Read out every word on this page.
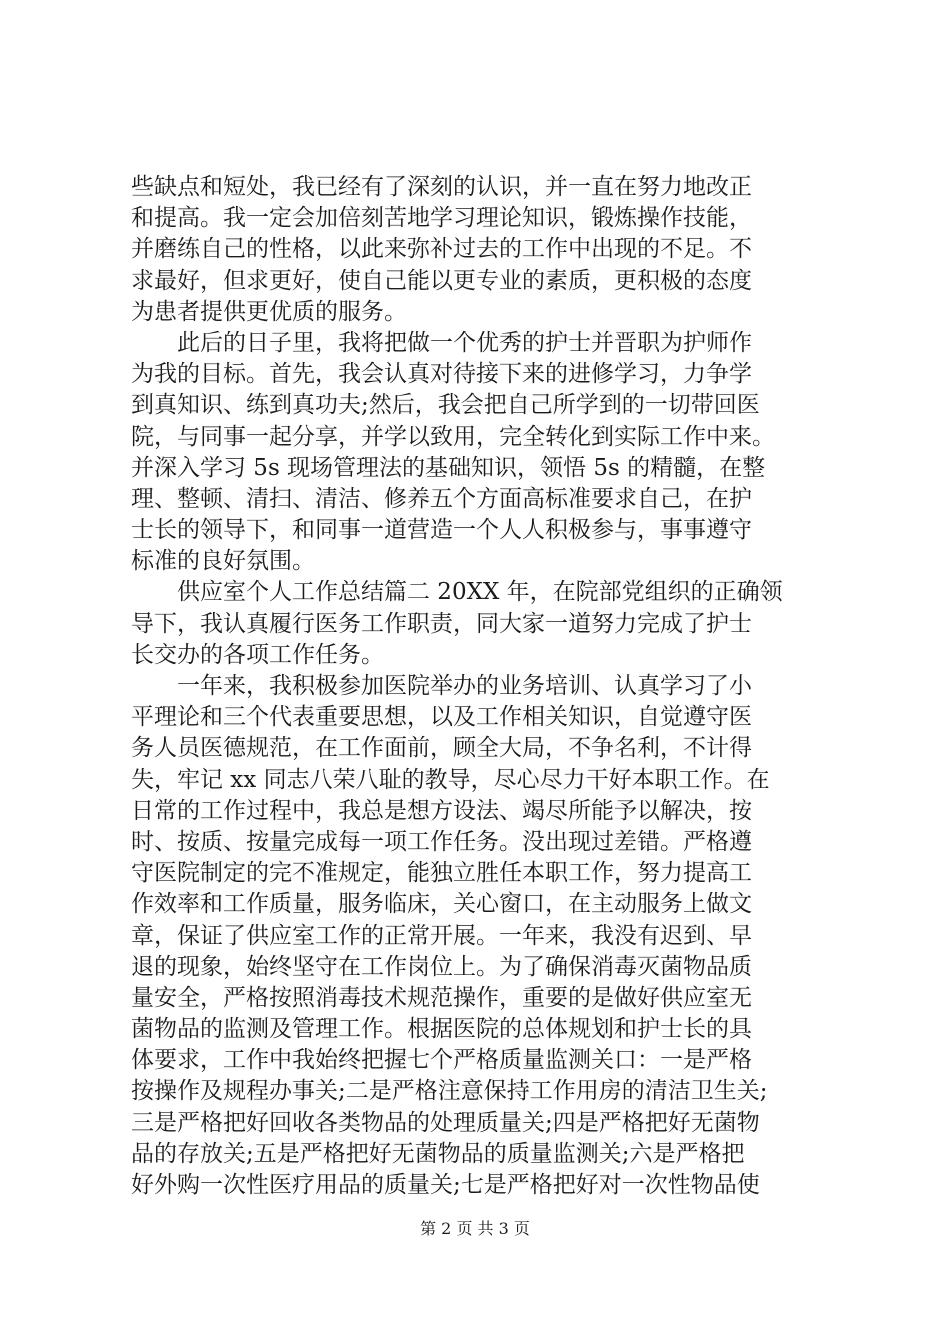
些缺点和短处，我已经有了深刻的认识，并一直在努力地改正
和提高。我一定会加倍刻苦地学习理论知识，锻炼操作技能，
并磨练自己的性格，以此来弥补过去的工作中出现的不足。不
求最好，但求更好，使自己能以更专业的素质，更积极的态度
为患者提供更优质的服务。
此后的日子里，我将把做一个优秀的护士并晋职为护师作
为我的目标。首先，我会认真对待接下来的进修学习，力争学
到真知识、练到真功夫;然后，我会把自己所学到的一切带回医
院，与同事一起分享，并学以致用，完全转化到实际工作中来。
并深入学习 5s 现场管理法的基础知识，领悟 5s 的精髓，在整
理、整顿、清扫、清洁、修养五个方面高标准要求自己，在护
士长的领导下，和同事一道营造一个人人积极参与，事事遵守
标准的良好氛围。
供应室个人工作总结篇二 20XX 年，在院部党组织的正确领
导下，我认真履行医务工作职责，同大家一道努力完成了护士
长交办的各项工作任务。
一年来，我积极参加医院举办的业务培训、认真学习了小
平理论和三个代表重要思想，以及工作相关知识，自觉遵守医
务人员医德规范，在工作面前，顾全大局，不争名利，不计得
失，牢记 xx 同志八荣八耻的教导，尽心尽力干好本职工作。在
日常的工作过程中，我总是想方设法、竭尽所能予以解决，按
时、按质、按量完成每一项工作任务。没出现过差错。严格遵
守医院制定的完不准规定，能独立胜任本职工作，努力提高工
作效率和工作质量，服务临床，关心窗口，在主动服务上做文
章，保证了供应室工作的正常开展。一年来，我没有迟到、早
退的现象，始终坚守在工作岗位上。为了确保消毒灭菌物品质
量安全，严格按照消毒技术规范操作，重要的是做好供应室无
菌物品的监测及管理工作。根据医院的总体规划和护士长的具
体要求，工作中我始终把握七个严格质量监测关口：一是严格
按操作及规程办事关;二是严格注意保持工作用房的清洁卫生关;
三是严格把好回收各类物品的处理质量关;四是严格把好无菌物
品的存放关;五是严格把好无菌物品的质量监测关;六是严格把
好外购一次性医疗用品的质量关;七是严格把好对一次性物品使
第 2 页 共 3 页
